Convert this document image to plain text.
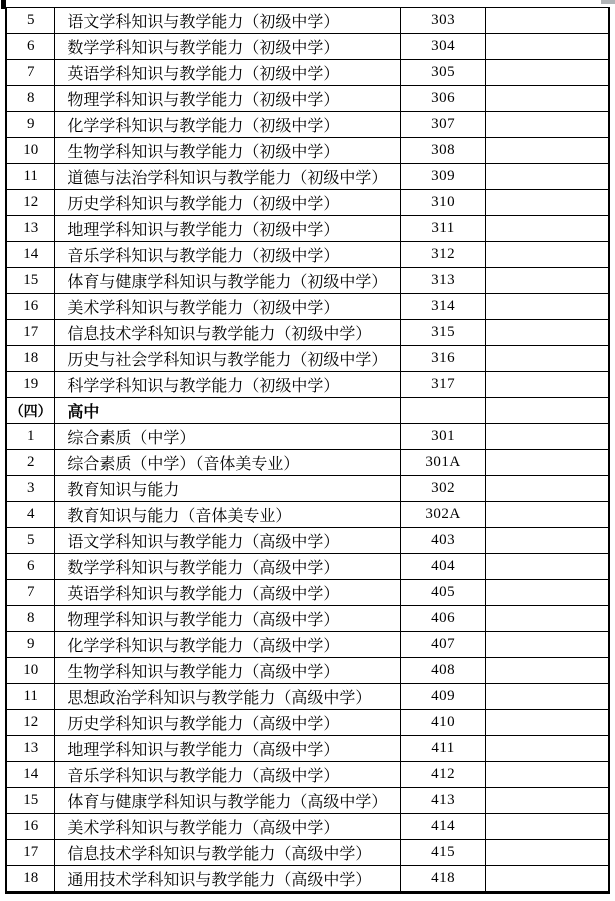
5	语文学科知识与教学能力（初级中学）	303	
6	数学学科知识与教学能力（初级中学）	304	
7	英语学科知识与教学能力（初级中学）	305	
8	物理学科知识与教学能力（初级中学）	306	
9	化学学科知识与教学能力（初级中学）	307	
10	生物学科知识与教学能力（初级中学）	308	
11	道德与法治学科知识与教学能力（初级中学）	309	
12	历史学科知识与教学能力（初级中学）	310	
13	地理学科知识与教学能力（初级中学）	311	
14	音乐学科知识与教学能力（初级中学）	312	
15	体育与健康学科知识与教学能力（初级中学）	313	
16	美术学科知识与教学能力（初级中学）	314	
17	信息技术学科知识与教学能力（初级中学）	315	
18	历史与社会学科知识与教学能力（初级中学）	316	
19	科学学科知识与教学能力（初级中学）	317	
（四）	高中		
1	综合素质（中学）	301	
2	综合素质（中学）（音体美专业）	301A	
3	教育知识与能力	302	
4	教育知识与能力（音体美专业）	302A	
5	语文学科知识与教学能力（高级中学）	403	
6	数学学科知识与教学能力（高级中学）	404	
7	英语学科知识与教学能力（高级中学）	405	
8	物理学科知识与教学能力（高级中学）	406	
9	化学学科知识与教学能力（高级中学）	407	
10	生物学科知识与教学能力（高级中学）	408	
11	思想政治学科知识与教学能力（高级中学）	409	
12	历史学科知识与教学能力（高级中学）	410	
13	地理学科知识与教学能力（高级中学）	411	
14	音乐学科知识与教学能力（高级中学）	412	
15	体育与健康学科知识与教学能力（高级中学）	413	
16	美术学科知识与教学能力（高级中学）	414	
17	信息技术学科知识与教学能力（高级中学）	415	
18	通用技术学科知识与教学能力（高级中学）	418	
